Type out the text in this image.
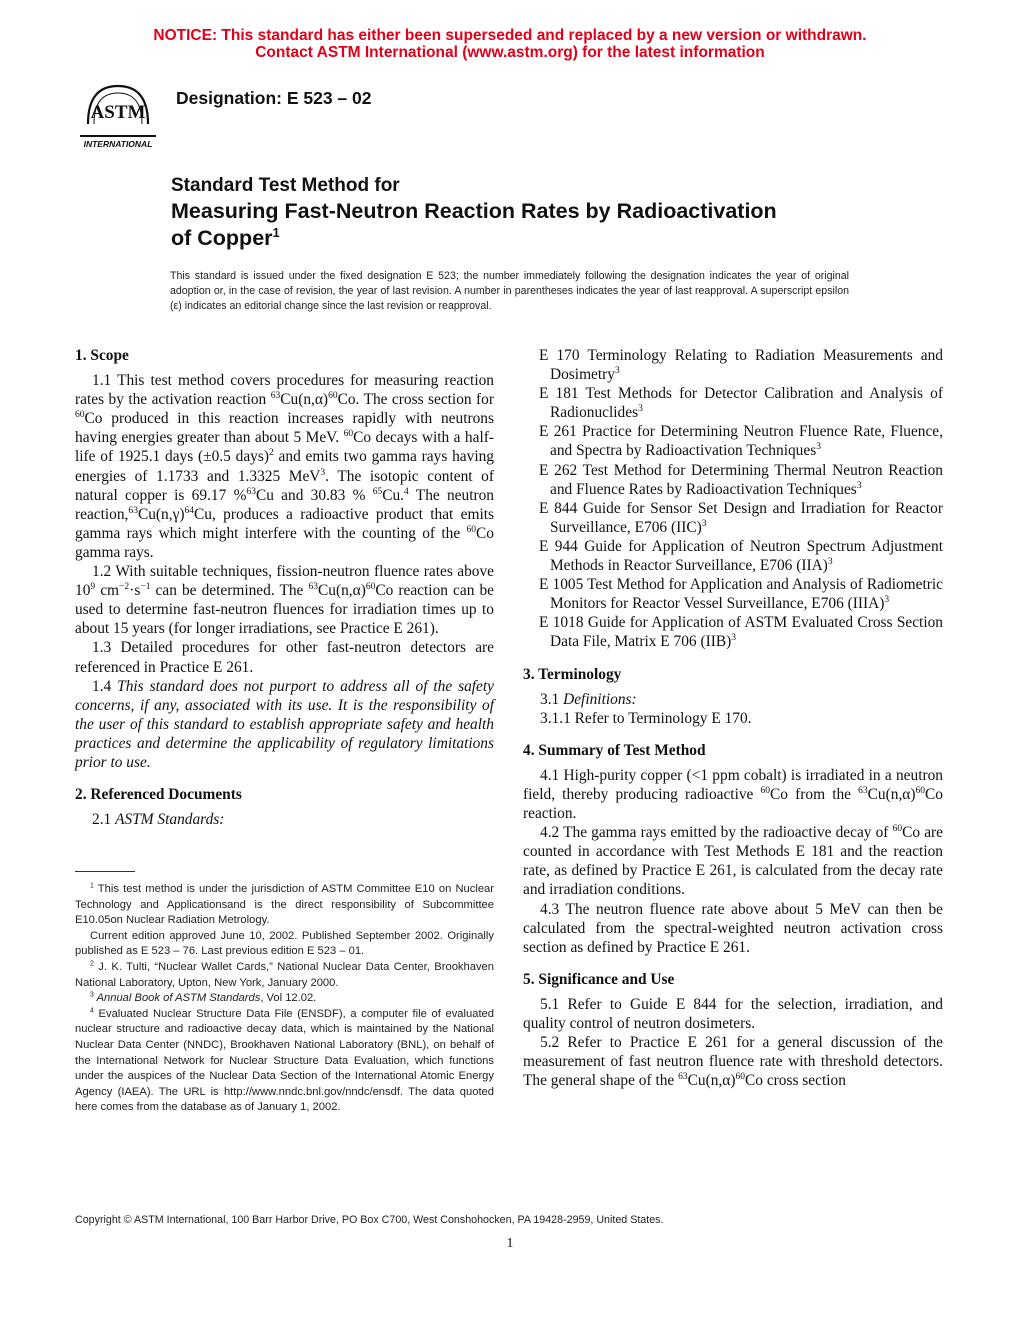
NOTICE: This standard has either been superseded and replaced by a new version or withdrawn.
Contact ASTM International (www.astm.org) for the latest information
ASTM
INTERNATIONAL
Designation: E 523 – 02
Standard Test Method for
Measuring Fast-Neutron Reaction Rates by Radioactivation
of Copper$^1$
This standard is issued under the fixed designation E 523; the number immediately following the designation indicates the year of original adoption or, in the case of revision, the year of last revision. A number in parentheses indicates the year of last reapproval. A superscript epsilon (ε) indicates an editorial change since the last revision or reapproval.

1. Scope

1.1 This test method covers procedures for measuring reaction rates by the activation reaction $^{63}Cu(n,\alpha)^{60}Co$. The cross section for $^{60}$Co produced in this reaction increases rapidly with neutrons having energies greater than about 5 MeV. $^{60}$Co decays with a half-life of 1925.1 days (±0.5 days)$^2$ and emits two gamma rays having energies of 1.1733 and 1.3325 MeV$^3$. The isotopic content of natural copper is 69.17 %$^{63}$Cu and 30.83 % $^{65}$Cu.$^4$ The neutron $reaction,^{63}Cu(n,\gamma)^{64}Cu$, produces a radioactive product that emits gamma rays which might interfere with the counting of the $^{60}$Co gamma rays.

1.2 With suitable techniques, fission-neutron fluence rates above $10^9$ $cm^{-2}\cdot s^{-1}$ can be determined. The $^{63}Cu(n,\alpha)^{60}Co$ reaction can be used to determine fast-neutron fluences for irradiation times up to about 15 years (for longer irradiations, see Practice E 261).

1.3 Detailed procedures for other fast-neutron detectors are referenced in Practice E 261.

1.4 This standard does not purport to address all of the safety concerns, if any, associated with its use. It is the responsibility of the user of this standard to establish appropriate safety and health practices and determine the applicability of regulatory limitations prior to use.

2. Referenced Documents

2.1 ASTM Standards:

$^1$ This test method is under the jurisdiction of ASTM Committee E10 on Nuclear Technology and Applicationsand is the direct responsibility of Subcommittee E10.05on Nuclear Radiation Metrology.

Current edition approved June 10, 2002. Published September 2002. Originally published as E 523 – 76. Last previous edition E 523 – 01.

$^2$ J. K. Tulti, “Nuclear Wallet Cards,” National Nuclear Data Center, Brookhaven National Laboratory, Upton, New York, January 2000.

$^3$ Annual Book of ASTM Standards, Vol 12.02.

$^4$ Evaluated Nuclear Structure Data File (ENSDF), a computer file of evaluated nuclear structure and radioactive decay data, which is maintained by the National Nuclear Data Center (NNDC), Brookhaven National Laboratory (BNL), on behalf of the International Network for Nuclear Structure Data Evaluation, which functions under the auspices of the Nuclear Data Section of the International Atomic Energy Agency (IAEA). The URL is http://www.nndc.bnl.gov/nndc/ensdf. The data quoted here comes from the database as of January 1, 2002.

E 170 Terminology Relating to Radiation Measurements and Dosimetry$^3$

E 181 Test Methods for Detector Calibration and Analysis of Radionuclides$^3$

E 261 Practice for Determining Neutron Fluence Rate, Fluence, and Spectra by Radioactivation Techniques$^3$

E 262 Test Method for Determining Thermal Neutron Reaction and Fluence Rates by Radioactivation Techniques$^3$

E 844 Guide for Sensor Set Design and Irradiation for Reactor Surveillance, E706 (IIC)$^3$

E 944 Guide for Application of Neutron Spectrum Adjustment Methods in Reactor Surveillance, E706 (IIA)$^3$

E 1005 Test Method for Application and Analysis of Radiometric Monitors for Reactor Vessel Surveillance, E706 (IIIA)$^3$

E 1018 Guide for Application of ASTM Evaluated Cross Section Data File, Matrix E 706 (IIB)$^3$

3. Terminology

3.1 Definitions:

3.1.1 Refer to Terminology E 170.

4. Summary of Test Method

4.1 High-purity copper (<1 ppm cobalt) is irradiated in a neutron field, thereby producing radioactive $^{60}$Co from the $^{63}Cu(n,\alpha)^{60}Co$ reaction.

4.2 The gamma rays emitted by the radioactive decay of $^{60}$Co are counted in accordance with Test Methods E 181 and the reaction rate, as defined by Practice E 261, is calculated from the decay rate and irradiation conditions.

4.3 The neutron fluence rate above about 5 MeV can then be calculated from the spectral-weighted neutron activation cross section as defined by Practice E 261.

5. Significance and Use

5.1 Refer to Guide E 844 for the selection, irradiation, and quality control of neutron dosimeters.

5.2 Refer to Practice E 261 for a general discussion of the measurement of fast neutron fluence rate with threshold detectors. The general shape of the $^{63}Cu(n,\alpha)^{60}Co$ cross section

Copyright © ASTM International, 100 Barr Harbor Drive, PO Box C700, West Conshohocken, PA 19428-2959, United States.
1
